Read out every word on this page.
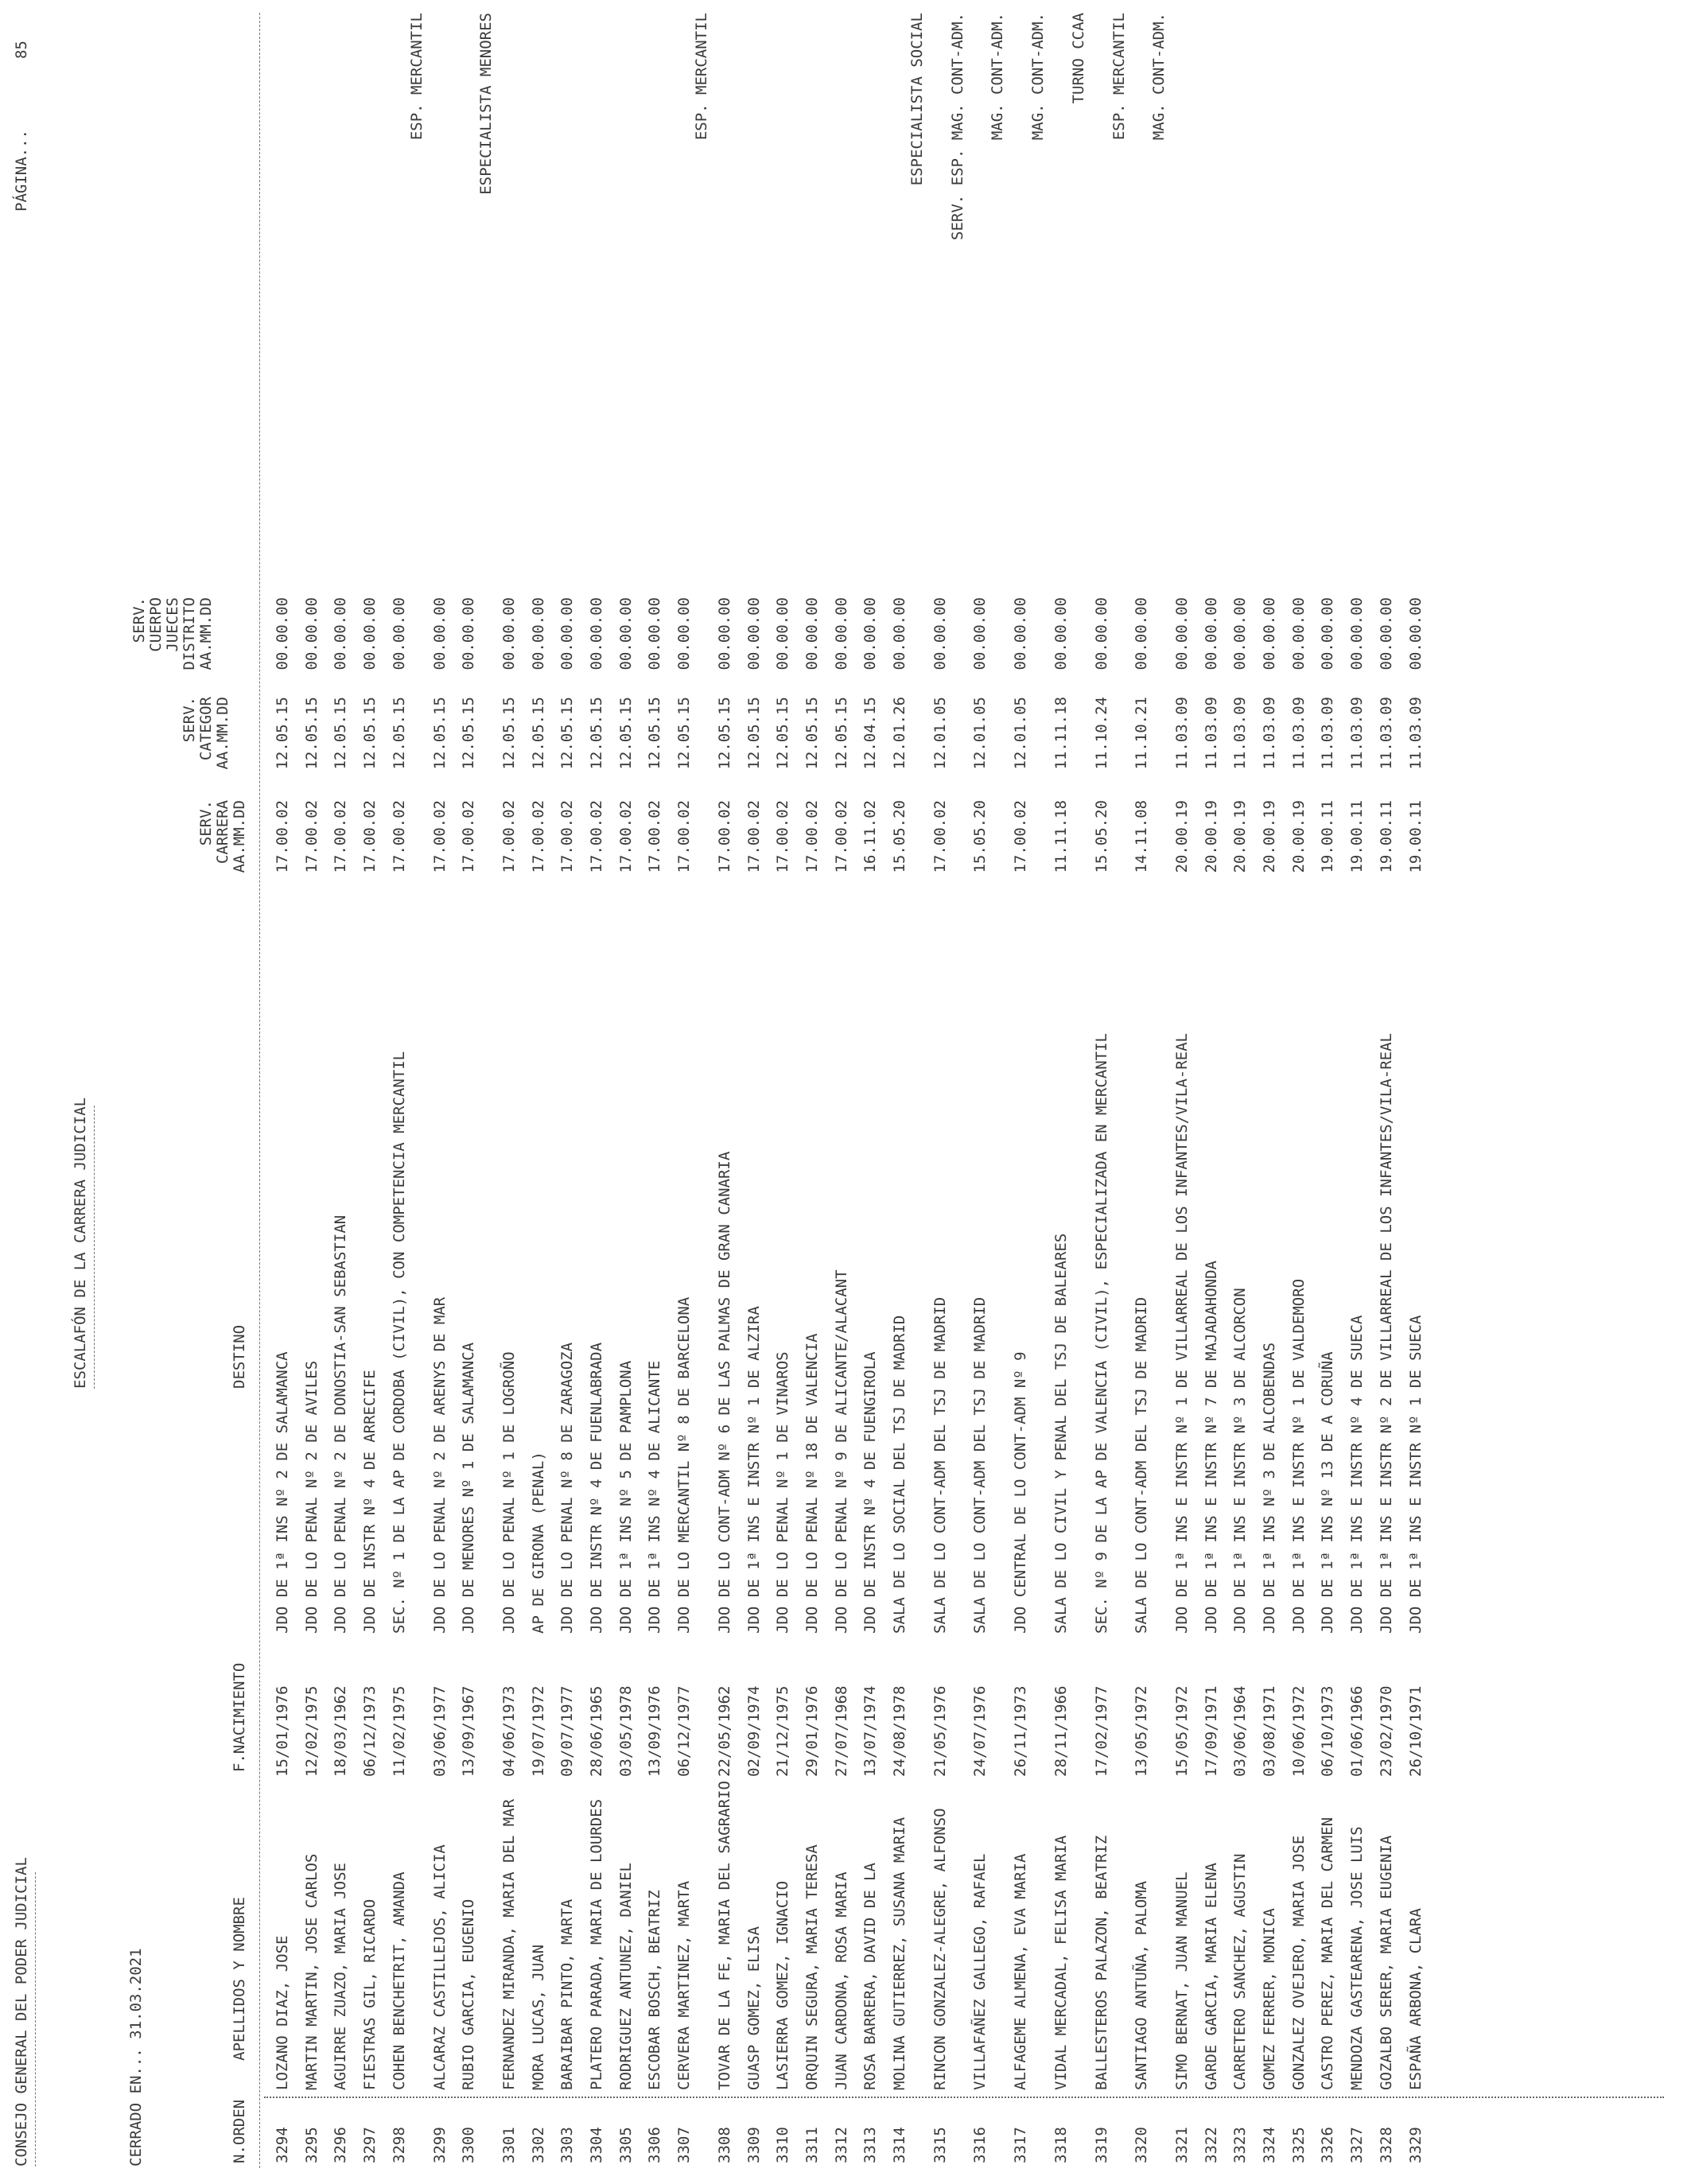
CONSEJO GENERAL DEL PODER JUDICIAL
ESCALAFÓN DE LA CARRERA JUDICIAL
PÁGINA...
85
CERRADO EN... 31.03.2021	N.ORDEN
APELLIDOS Y NOMBRE
F.NACIMIENTO
DESTINO
SERV. CARRERA AA.MM.DD
SERV. CATEGOR AA.MM.DD
SERV. CUERPO JUECES DISTRITO AA.MM.DD
3294
LOZANO DIAZ, JOSE
15/01/1976
JDO DE 1ª INS Nº 2 DE SALAMANCA
17.00.02
12.05.15
00.00.00
3295
MARTIN MARTIN, JOSE CARLOS
12/02/1975
JDO DE LO PENAL Nº 2 DE AVILES
17.00.02
12.05.15
00.00.00
3296
AGUIRRE ZUAZO, MARIA JOSE
18/03/1962
JDO DE LO PENAL Nº 2 DE DONOSTIA-SAN SEBASTIAN
17.00.02
12.05.15
00.00.00
3297
FIESTRAS GIL, RICARDO
06/12/1973
JDO DE INSTR Nº 4 DE ARRECIFE
17.00.02
12.05.15
00.00.00
3298
COHEN BENCHETRIT, AMANDA
11/02/1975
SEC. Nº 1 DE LA AP DE CORDOBA (CIVIL), CON COMPETENCIA MERCANTIL
17.00.02
12.05.15
00.00.00
ESP. MERCANTIL
3299
ALCARAZ CASTILLEJOS, ALICIA
03/06/1977
JDO DE LO PENAL Nº 2 DE ARENYS DE MAR
17.00.02
12.05.15
00.00.00
3300
RUBIO GARCIA, EUGENIO
13/09/1967
JDO DE MENORES Nº 1 DE SALAMANCA
17.00.02
12.05.15
00.00.00
ESPECIALISTA MENORES
3301
FERNANDEZ MIRANDA, MARIA DEL MAR
04/06/1973
JDO DE LO PENAL Nº 1 DE LOGROÑO
17.00.02
12.05.15
00.00.00
3302
MORA LUCAS, JUAN
19/07/1972
AP DE GIRONA (PENAL)
17.00.02
12.05.15
00.00.00
3303
BARAIBAR PINTO, MARTA
09/07/1977
JDO DE LO PENAL Nº 8 DE ZARAGOZA
17.00.02
12.05.15
00.00.00
3304
PLATERO PARADA, MARIA DE LOURDES
28/06/1965
JDO DE INSTR Nº 4 DE FUENLABRADA
17.00.02
12.05.15
00.00.00
3305
RODRIGUEZ ANTUNEZ, DANIEL
03/05/1978
JDO DE 1ª INS Nº 5 DE PAMPLONA
17.00.02
12.05.15
00.00.00
3306
ESCOBAR BOSCH, BEATRIZ
13/09/1976
JDO DE 1ª INS Nº 4 DE ALICANTE
17.00.02
12.05.15
00.00.00
3307
CERVERA MARTINEZ, MARTA
06/12/1977
JDO DE LO MERCANTIL Nº 8 DE BARCELONA
17.00.02
12.05.15
00.00.00
ESP. MERCANTIL
3308
TOVAR DE LA FE, MARIA DEL SAGRARIO
22/05/1962
JDO DE LO CONT-ADM Nº 6 DE LAS PALMAS DE GRAN CANARIA
17.00.02
12.05.15
00.00.00
3309
GUASP GOMEZ, ELISA
02/09/1974
JDO DE 1ª INS E INSTR Nº 1 DE ALZIRA
17.00.02
12.05.15
00.00.00
3310
LASIERRA GOMEZ, IGNACIO
21/12/1975
JDO DE LO PENAL Nº 1 DE VINAROS
17.00.02
12.05.15
00.00.00
3311
ORQUIN SEGURA, MARIA TERESA
29/01/1976
JDO DE LO PENAL Nº 18 DE VALENCIA
17.00.02
12.05.15
00.00.00
3312
JUAN CARDONA, ROSA MARIA
27/07/1968
JDO DE LO PENAL Nº 9 DE ALICANTE/ALACANT
17.00.02
12.05.15
00.00.00
3313
ROSA BARRERA, DAVID DE LA
13/07/1974
JDO DE INSTR Nº 4 DE FUENGIROLA
16.11.02
12.04.15
00.00.00
3314
MOLINA GUTIERREZ, SUSANA MARIA
24/08/1978
SALA DE LO SOCIAL DEL TSJ DE MADRID
15.05.20
12.01.26
00.00.00
ESPECIALISTA SOCIAL
3315
RINCON GONZALEZ-ALEGRE, ALFONSO
21/05/1976
SALA DE LO CONT-ADM DEL TSJ DE MADRID
17.00.02
12.01.05
00.00.00
SERV. ESP. MAG. CONT-ADM.
3316
VILLAFAÑEZ GALLEGO, RAFAEL
24/07/1976
SALA DE LO CONT-ADM DEL TSJ DE MADRID
15.05.20
12.01.05
00.00.00
MAG. CONT-ADM.
3317
ALFAGEME ALMENA, EVA MARIA
26/11/1973
JDO CENTRAL DE LO CONT-ADM Nº 9
17.00.02
12.01.05
00.00.00
MAG. CONT-ADM.
3318
VIDAL MERCADAL, FELISA MARIA
28/11/1966
SALA DE LO CIVIL Y PENAL DEL TSJ DE BALEARES
11.11.18
11.11.18
00.00.00
TURNO CCAA
3319
BALLESTEROS PALAZON, BEATRIZ
17/02/1977
SEC. Nº 9 DE LA AP DE VALENCIA (CIVIL), ESPECIALIZADA EN MERCANTIL
15.05.20
11.10.24
00.00.00
ESP. MERCANTIL
3320
SANTIAGO ANTUÑA, PALOMA
13/05/1972
SALA DE LO CONT-ADM DEL TSJ DE MADRID
14.11.08
11.10.21
00.00.00
MAG. CONT-ADM.
3321
SIMO BERNAT, JUAN MANUEL
15/05/1972
JDO DE 1ª INS E INSTR Nº 1 DE VILLARREAL DE LOS INFANTES/VILA-REAL
20.00.19
11.03.09
00.00.00
3322
GARDE GARCIA, MARIA ELENA
17/09/1971
JDO DE 1ª INS E INSTR Nº 7 DE MAJADAHONDA
20.00.19
11.03.09
00.00.00
3323
CARRETERO SANCHEZ, AGUSTIN
03/06/1964
JDO DE 1ª INS E INSTR Nº 3 DE ALCORCON
20.00.19
11.03.09
00.00.00
3324
GOMEZ FERRER, MONICA
03/08/1971
JDO DE 1ª INS Nº 3 DE ALCOBENDAS
20.00.19
11.03.09
00.00.00
3325
GONZALEZ OVEJERO, MARIA JOSE
10/06/1972
JDO DE 1ª INS E INSTR Nº 1 DE VALDEMORO
20.00.19
11.03.09
00.00.00
3326
CASTRO PEREZ, MARIA DEL CARMEN
06/10/1973
JDO DE 1ª INS Nº 13 DE A CORUÑA
19.00.11
11.03.09
00.00.00
3327
MENDOZA GASTEARENA, JOSE LUIS
01/06/1966
JDO DE 1ª INS E INSTR Nº 4 DE SUECA
19.00.11
11.03.09
00.00.00
3328
GOZALBO SERER, MARIA EUGENIA
23/02/1970
JDO DE 1ª INS E INSTR Nº 2 DE VILLARREAL DE LOS INFANTES/VILA-REAL
19.00.11
11.03.09
00.00.00
3329
ESPAÑA ARBONA, CLARA
26/10/1971
JDO DE 1ª INS E INSTR Nº 1 DE SUECA
19.00.11
11.03.09
00.00.00
